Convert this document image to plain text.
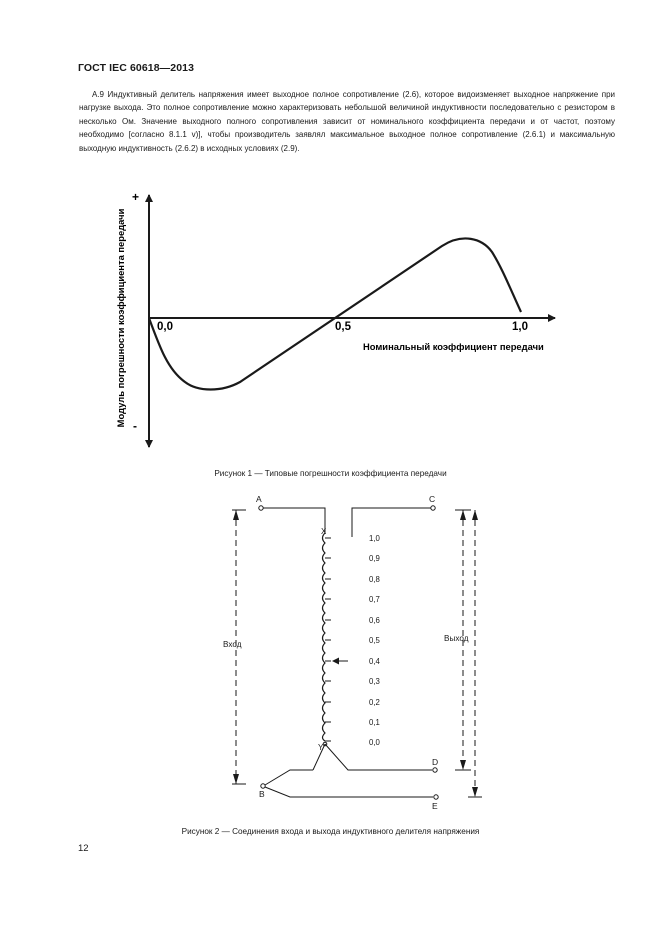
ГОСТ IEC 60618—2013
А.9 Индуктивный делитель напряжения имеет выходное полное сопротивление (2.6), которое видоизменяет выходное напряжение при нагрузке выхода. Это полное сопротивление можно характеризовать небольшой величиной индуктивности последовательно с резистором в несколько Ом. Значение выходного полного сопротивления зависит от номинального коэффициента передачи и от частот, поэтому необходимо [согласно 8.1.1 v)], чтобы производитель заявлял максимальное выходное полное сопротивление (2.6.1) и максимальную выходную индуктивность (2.6.2) в исходных условиях (2.9).
+
-
Модуль погрешности коэффициента передачи	0,0	0,5	1,0
Номинальный коэффициент передачи
Рисунок 1 — Типовые погрешности коэффициента передачи
A	C
X
Y
D
B
E
Вход
Выход
1,0
0,9
0,8
0,7
0,6
0,5
0,4
0,3
0,2
0,1
0,0
Рисунок 2 — Соединения входа и выхода индуктивного делителя напряжения
12
